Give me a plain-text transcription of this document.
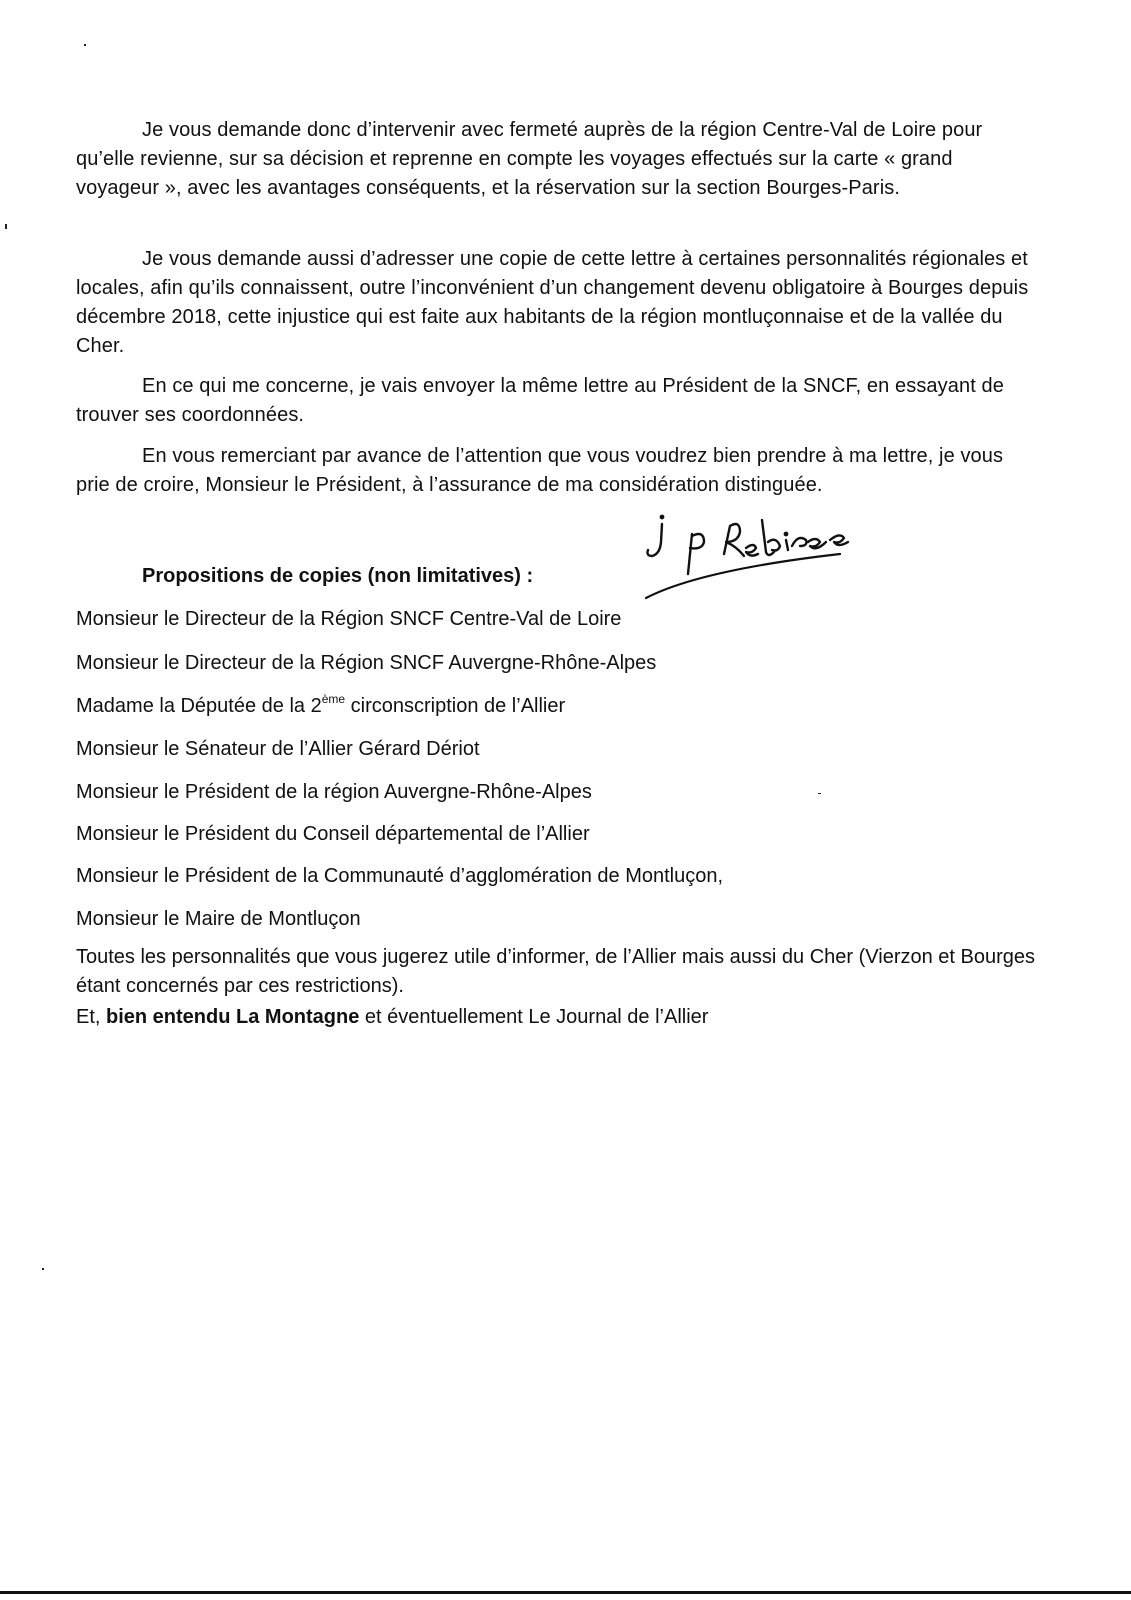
Je vous demande donc d’intervenir avec fermeté auprès de la région Centre-Val de Loire pour qu’elle revienne, sur sa décision et reprenne en compte les voyages effectués sur la carte « grand voyageur », avec les avantages conséquents, et la réservation sur la section Bourges-Paris.

Je vous demande aussi d’adresser une copie de cette lettre à certaines personnalités régionales et locales, afin qu’ils connaissent, outre l’inconvénient d’un changement devenu obligatoire à Bourges depuis décembre 2018, cette injustice qui est faite aux habitants de la région montluçonnaise et de la vallée du Cher.

En ce qui me concerne, je vais envoyer la même lettre au Président de la SNCF, en essayant de trouver ses coordonnées.

En vous remerciant par avance de l’attention que vous voudrez bien prendre à ma lettre, je vous prie de croire, Monsieur le Président, à l’assurance de ma considération distinguée.

Propositions de copies (non limitatives) :
Monsieur le Directeur de la Région SNCF Centre-Val de Loire
Monsieur le Directeur de la Région SNCF Auvergne-Rhône-Alpes
Madame la Députée de la 2ème circonscription de l’Allier
Monsieur le Sénateur de l’Allier Gérard Dériot
Monsieur le Président de la région Auvergne-Rhône-Alpes
Monsieur le Président du Conseil départemental de l’Allier
Monsieur le Président de la Communauté d’agglomération de Montluçon,
Monsieur le Maire de Montluçon

Toutes les personnalités que vous jugerez utile d’informer, de l’Allier mais aussi du Cher (Vierzon et Bourges étant concernés par ces restrictions).

Et, bien entendu La Montagne et éventuellement Le Journal de l’Allier
